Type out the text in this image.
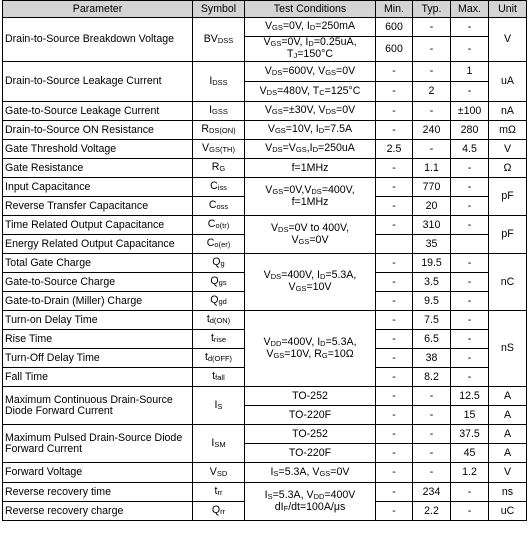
Parameter	Symbol	Test Conditions	Min.	Typ.	Max.	Unit
Drain-to-Source Breakdown Voltage	BVDSS	VGS=0V, ID=250mA	600	-	-	V
		VGS=0V, ID=0.25uA,
TJ=150°C	600	-	-	
Drain-to-Source Leakage Current	IDSS	VDS=600V, VGS=0V	-	-	1	uA
		VDS=480V, TC=125°C	-	2	-	
Gate-to-Source Leakage Current	IGSS	VGS=±30V, VDS=0V	-	-	±100	nA
Drain-to-Source ON Resistance	RDS(ON)	VGS=10V, ID=7.5A	-	240	280	mΩ
Gate Threshold Voltage	VGS(TH)	VDS=VGS,ID=250uA	2.5	-	4.5	V
Gate Resistance	RG	f=1MHz	-	1.1	-	Ω
Input Capacitance	Ciss	VGS=0V,VDS=400V,
f=1MHz	-	770	-	pF
Reverse Transfer Capacitance	Coss		-	20	-	
Time Related Output Capacitance	Co(tr)	VDS=0V to 400V,
VGS=0V	-	310	-	pF
Energy Related Output Capacitance	Co(er)			35		
Total Gate Charge	Qg	VDS=400V, ID=5.3A,
VGS=10V	-	19.5	-	nC
Gate-to-Source Charge	Qgs		-	3.5	-	
Gate-to-Drain (Miller) Charge	Qgd		-	9.5	-	
Turn-on Delay Time	td(ON)	VDD=400V, ID=5.3A,
VGS=10V, RG=10Ω	-	7.5	-	nS
Rise Time	trise		-	6.5	-	
Turn-Off Delay Time	td(OFF)		-	38	-	
Fall Time	tfall		-	8.2	-	
Maximum Continuous Drain-Source Diode Forward Current	IS	TO-252	-	-	12.5	A
		TO-220F	-	-	15	A
Maximum Pulsed Drain-Source Diode Forward Current	ISM	TO-252	-	-	37.5	A
		TO-220F	-	-	45	A
Forward Voltage	VSD	IS=5.3A, VGS=0V	-	-	1.2	V
Reverse recovery time	trr	IS=5.3A, VDD=400V
dIF/dt=100A/μs	-	234	-	ns
Reverse recovery charge	Qrr		-	2.2	-	uC
